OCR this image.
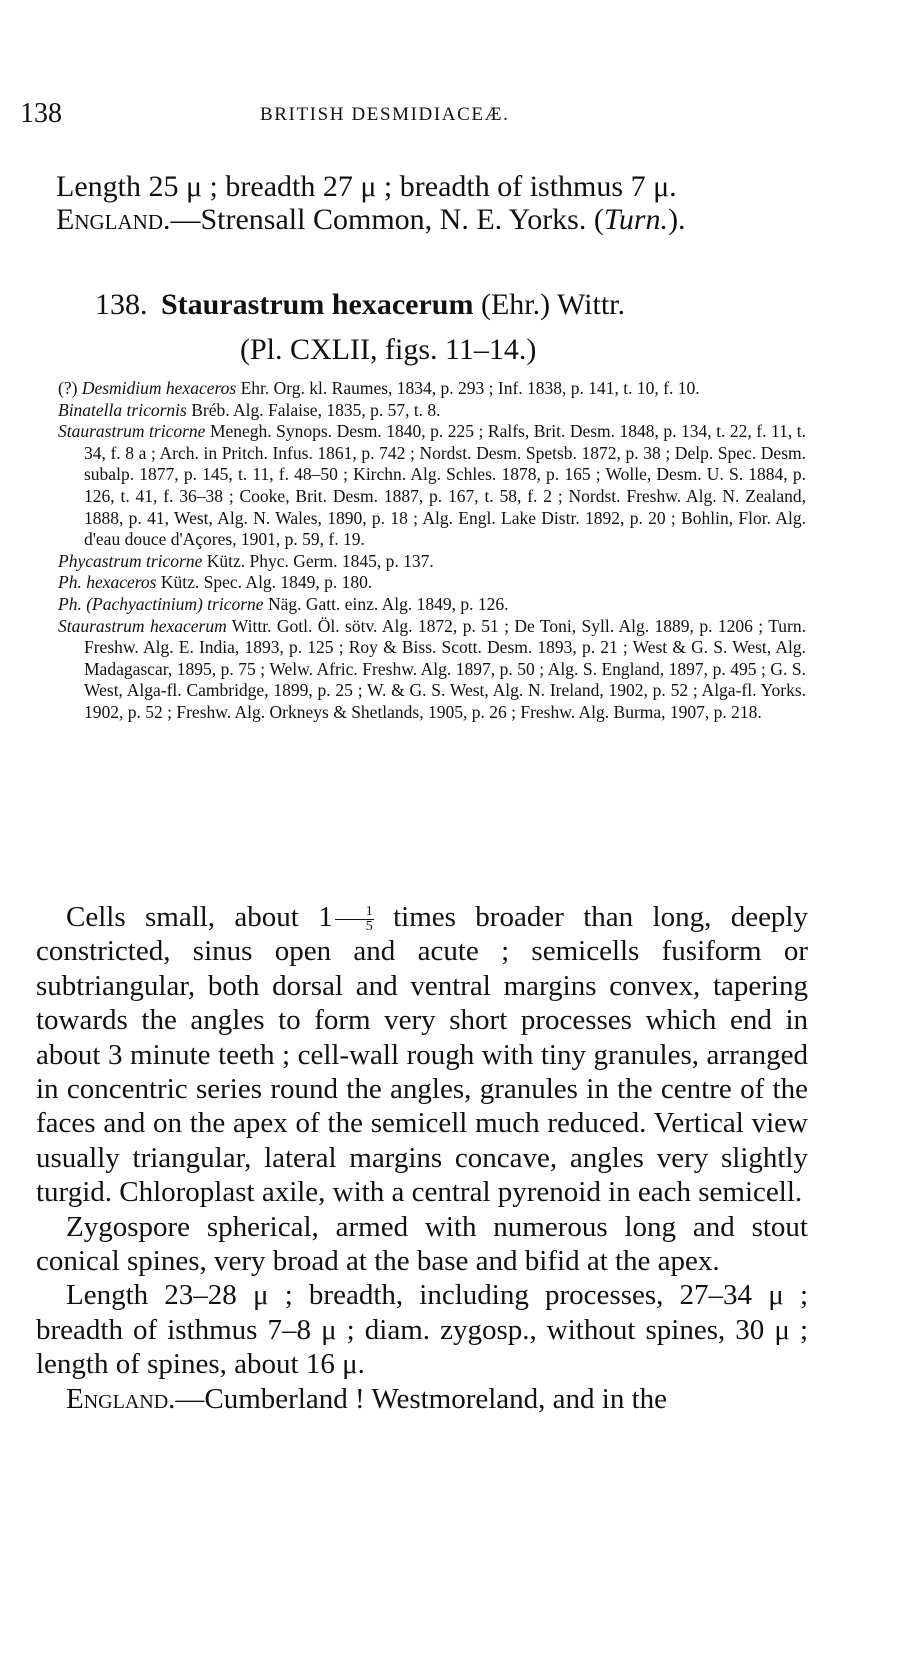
138	BRITISH DESMIDIACEÆ.

Length 25 μ ; breadth 27 μ ; breadth of isthmus 7 μ.

England.—Strensall Common, N. E. Yorks. (Turn.).

138. Staurastrum hexacerum (Ehr.) Wittr.
(Pl. CXLII, figs. 11–14.)

(?) Desmidium hexaceros Ehr. Org. kl. Raumes, 1834, p. 293 ; Inf. 1838, p. 141, t. 10, f. 10.

Binatella tricornis Bréb. Alg. Falaise, 1835, p. 57, t. 8.

Staurastrum tricorne Menegh. Synops. Desm. 1840, p. 225 ; Ralfs, Brit. Desm. 1848, p. 134, t. 22, f. 11, t. 34, f. 8 a ; Arch. in Pritch. Infus. 1861, p. 742 ; Nordst. Desm. Spetsb. 1872, p. 38 ; Delp. Spec. Desm. subalp. 1877, p. 145, t. 11, f. 48–50 ; Kirchn. Alg. Schles. 1878, p. 165 ; Wolle, Desm. U. S. 1884, p. 126, t. 41, f. 36–38 ; Cooke, Brit. Desm. 1887, p. 167, t. 58, f. 2 ; Nordst. Freshw. Alg. N. Zealand, 1888, p. 41, West, Alg. N. Wales, 1890, p. 18 ; Alg. Engl. Lake Distr. 1892, p. 20 ; Bohlin, Flor. Alg. d'eau douce d'Açores, 1901, p. 59, f. 19.

Phycastrum tricorne Kütz. Phyc. Germ. 1845, p. 137.

Ph. hexaceros Kütz. Spec. Alg. 1849, p. 180.

Ph. (Pachyactinium) tricorne Näg. Gatt. einz. Alg. 1849, p. 126.

Staurastrum hexacerum Wittr. Gotl. Öl. sötv. Alg. 1872, p. 51 ; De Toni, Syll. Alg. 1889, p. 1206 ; Turn. Freshw. Alg. E. India, 1893, p. 125 ; Roy & Biss. Scott. Desm. 1893, p. 21 ; West & G. S. West, Alg. Madagascar, 1895, p. 75 ; Welw. Afric. Freshw. Alg. 1897, p. 50 ; Alg. S. England, 1897, p. 495 ; G. S. West, Alga-fl. Cambridge, 1899, p. 25 ; W. & G. S. West, Alg. N. Ireland, 1902, p. 52 ; Alga-fl. Yorks. 1902, p. 52 ; Freshw. Alg. Orkneys & Shetlands, 1905, p. 26 ; Freshw. Alg. Burma, 1907, p. 218.

Cells small, about $1 \frac{1}{5}$ times broader than long, deeply constricted, sinus open and acute ; semicells fusiform or subtriangular, both dorsal and ventral margins convex, tapering towards the angles to form very short processes which end in about 3 minute teeth ; cell-wall rough with tiny granules, arranged in concentric series round the angles, granules in the centre of the faces and on the apex of the semicell much reduced. Vertical view usually triangular, lateral margins concave, angles very slightly turgid. Chloroplast axile, with a central pyrenoid in each semicell.

Zygospore spherical, armed with numerous long and stout conical spines, very broad at the base and bifid at the apex.

Length 23–28 μ ; breadth, including processes, 27–34 μ ; breadth of isthmus 7–8 μ ; diam. zygosp., without spines, 30 μ ; length of spines, about 16 μ.

England.—Cumberland ! Westmoreland, and in the
